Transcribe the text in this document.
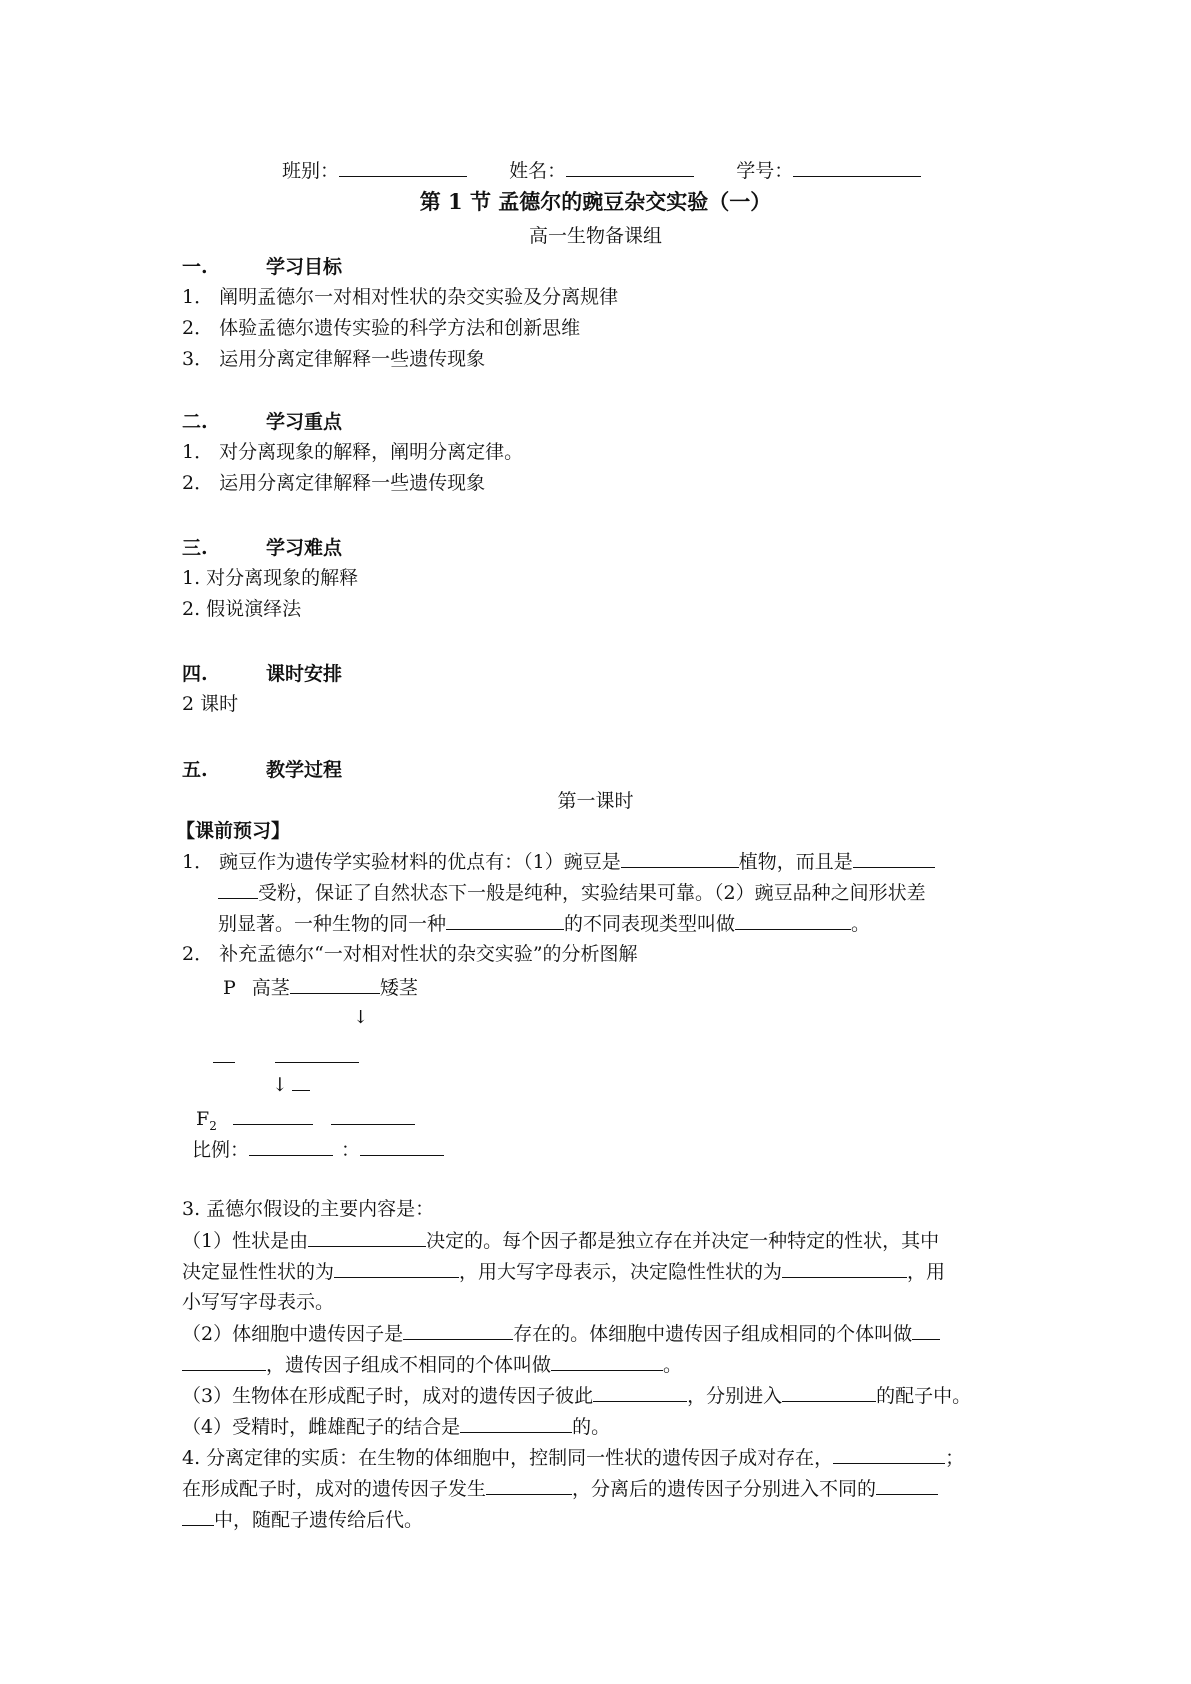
班别：	姓名：	学号：
第 1 节 孟德尔的豌豆杂交实验（一）
高一生物备课组
一.	学习目标
1． 阐明孟德尔一对相对性状的杂交实验及分离规律
2． 体验孟德尔遗传实验的科学方法和创新思维
3． 运用分离定律解释一些遗传现象
二.	学习重点
1． 对分离现象的解释，阐明分离定律。
2． 运用分离定律解释一些遗传现象
三.	学习难点
1. 对分离现象的解释
2. 假说演绎法
四.	课时安排
2 课时
五.	教学过程
第一课时
【课前预习】
1． 豌豆作为遗传学实验材料的优点有：（1）豌豆是	植物，而且是
受粉，保证了自然状态下一般是纯种，实验结果可靠。（2）豌豆品种之间形状差
别显著。一种生物的同一种	的不同表现类型叫做	。
2． 补充孟德尔“一对相对性状的杂交实验”的分析图解
P 高茎	矮茎
↓
↓
$F_2$
比例：	：
3. 孟德尔假设的主要内容是：
（1）性状是由	决定的。每个因子都是独立存在并决定一种特定的性状，其中
决定显性性状的为	，用大写字母表示，决定隐性性状的为	，用
小写写字母表示。
（2）体细胞中遗传因子是	存在的。体细胞中遗传因子组成相同的个体叫做
，遗传因子组成不相同的个体叫做	。
（3）生物体在形成配子时，成对的遗传因子彼此	，分别进入	的配子中。
（4）受精时，雌雄配子的结合是	的。
4. 分离定律的实质：在生物的体细胞中，控制同一性状的遗传因子成对存在，	；
在形成配子时，成对的遗传因子发生	，分离后的遗传因子分别进入不同的
中，随配子遗传给后代。
